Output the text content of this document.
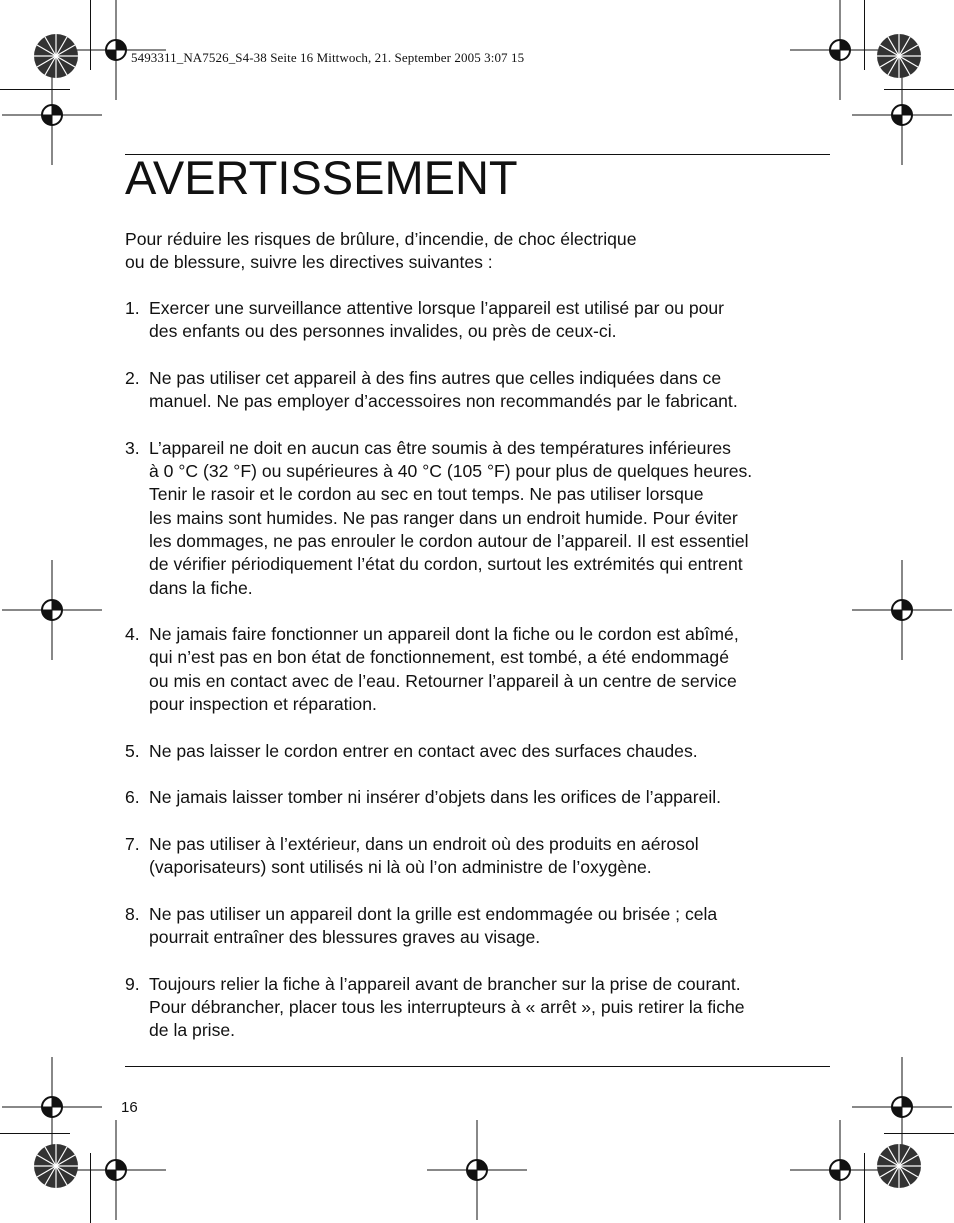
5493311_NA7526_S4-38 Seite 16 Mittwoch, 21. September 2005 3:07 15
AVERTISSEMENT
Pour réduire les risques de brûlure, d’incendie, de choc électrique
ou de blessure, suivre les directives suivantes :
1. Exercer une surveillance attentive lorsque l’appareil est utilisé par ou pour
des enfants ou des personnes invalides, ou près de ceux-ci.
2. Ne pas utiliser cet appareil à des fins autres que celles indiquées dans ce
manuel. Ne pas employer d’accessoires non recommandés par le fabricant.
3. L’appareil ne doit en aucun cas être soumis à des températures inférieures
à 0 °C (32 °F) ou supérieures à 40 °C (105 °F) pour plus de quelques heures.
Tenir le rasoir et le cordon au sec en tout temps. Ne pas utiliser lorsque
les mains sont humides. Ne pas ranger dans un endroit humide. Pour éviter
les dommages, ne pas enrouler le cordon autour de l’appareil. Il est essentiel
de vérifier périodiquement l’état du cordon, surtout les extrémités qui entrent
dans la fiche.
4. Ne jamais faire fonctionner un appareil dont la fiche ou le cordon est abîmé,
qui n’est pas en bon état de fonctionnement, est tombé, a été endommagé
ou mis en contact avec de l’eau. Retourner l’appareil à un centre de service
pour inspection et réparation.
5. Ne pas laisser le cordon entrer en contact avec des surfaces chaudes.
6. Ne jamais laisser tomber ni insérer d’objets dans les orifices de l’appareil.
7. Ne pas utiliser à l’extérieur, dans un endroit où des produits en aérosol
(vaporisateurs) sont utilisés ni là où l’on administre de l’oxygène.
8. Ne pas utiliser un appareil dont la grille est endommagée ou brisée ; cela
pourrait entraîner des blessures graves au visage.
9. Toujours relier la fiche à l’appareil avant de brancher sur la prise de courant.
Pour débrancher, placer tous les interrupteurs à « arrêt », puis retirer la fiche
de la prise.
16
